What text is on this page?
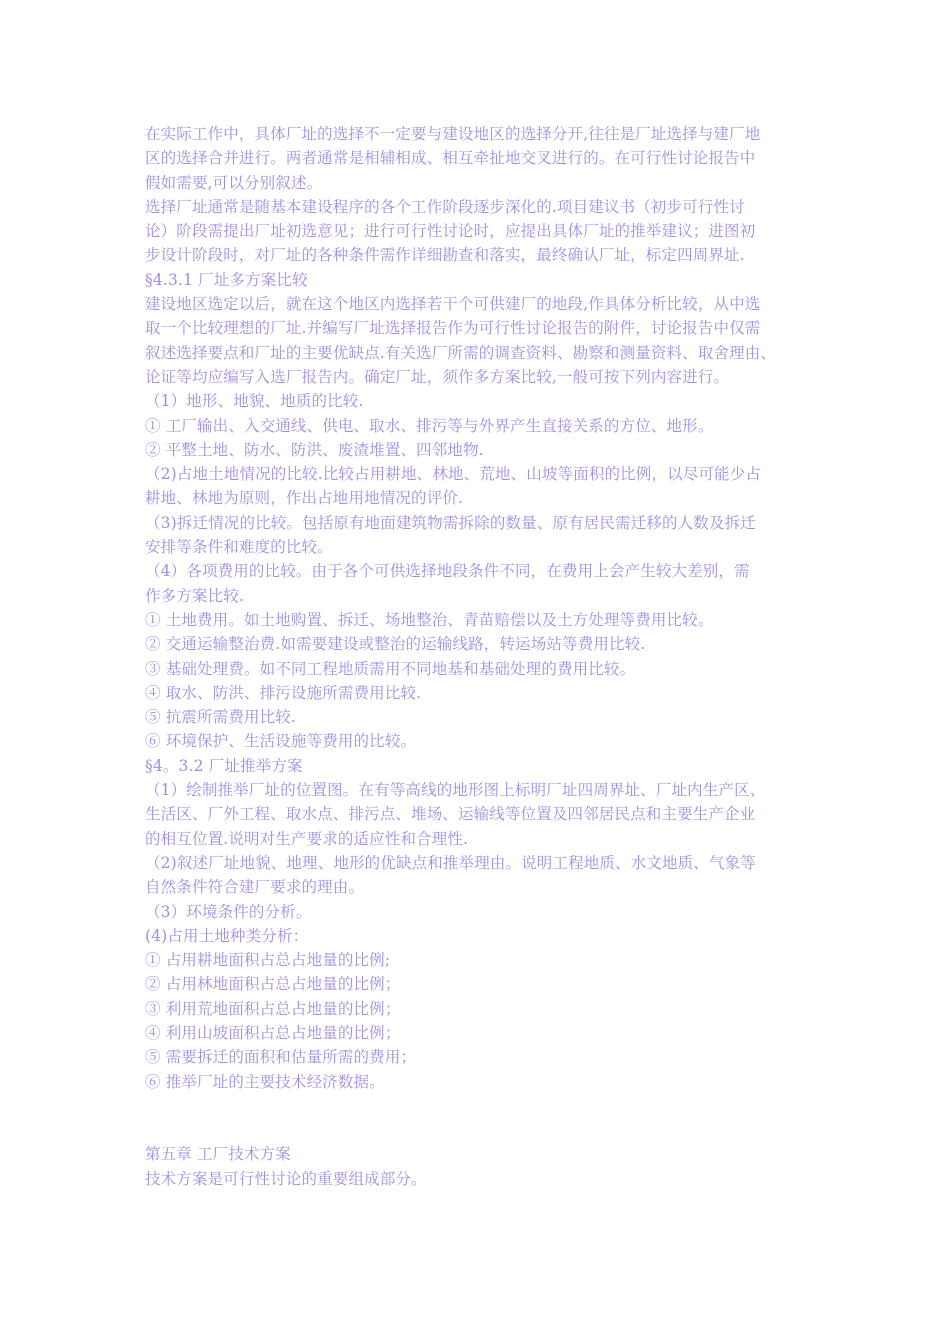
在实际工作中，具体厂址的选择不一定要与建设地区的选择分开,往往是厂址选择与建厂地
区的选择合并进行。两者通常是相辅相成、相互牵扯地交叉进行的。在可行性讨论报告中
假如需要,可以分别叙述。
选择厂址通常是随基本建设程序的各个工作阶段逐步深化的.项目建议书（初步可行性讨
论）阶段需提出厂址初选意见；进行可行性讨论时，应提出具体厂址的推举建议；进图初
步设计阶段时，对厂址的各种条件需作详细勘查和落实，最终确认厂址，标定四周界址.
§4.3.1 厂址多方案比较
建设地区选定以后，就在这个地区内选择若干个可供建厂的地段,作具体分析比较，从中选
取一个比较理想的厂址.并编写厂址选择报告作为可行性讨论报告的附件，讨论报告中仅需
叙述选择要点和厂址的主要优缺点.有关选厂所需的调查资料、勘察和测量资料、取舍理由、
论证等均应编写入选厂报告内。确定厂址，须作多方案比较,一般可按下列内容进行。
（1）地形、地貌、地质的比较.
① 工厂输出、入交通线、供电、取水、排污等与外界产生直接关系的方位、地形。
② 平整土地、防水、防洪、废渣堆置、四邻地物.
（2)占地土地情况的比较.比较占用耕地、林地、荒地、山坡等面积的比例，以尽可能少占
耕地、林地为原则，作出占地用地情况的评价.
（3)拆迁情况的比较。包括原有地面建筑物需拆除的数量、原有居民需迁移的人数及拆迁
安排等条件和难度的比较。
（4）各项费用的比较。由于各个可供选择地段条件不同，在费用上会产生较大差别，需
作多方案比较.
① 土地费用。如土地购置、拆迁、场地整治、青苗赔偿以及土方处理等费用比较。
② 交通运输整治费.如需要建设或整治的运输线路，转运场站等费用比较.
③ 基础处理费。如不同工程地质需用不同地基和基础处理的费用比较。
④ 取水、防洪、排污设施所需费用比较.
⑤ 抗震所需费用比较.
⑥ 环境保护、生活设施等费用的比较。
§4。3.2 厂址推举方案
（1）绘制推举厂址的位置图。在有等高线的地形图上标明厂址四周界址、厂址内生产区、
生活区、厂外工程、取水点、排污点、堆场、运输线等位置及四邻居民点和主要生产企业
的相互位置.说明对生产要求的适应性和合理性.
（2)叙述厂址地貌、地理、地形的优缺点和推举理由。说明工程地质、水文地质、气象等
自然条件符合建厂要求的理由。
（3）环境条件的分析。
(4)占用土地种类分析：
① 占用耕地面积占总占地量的比例;
② 占用林地面积占总占地量的比例；
③ 利用荒地面积占总占地量的比例；
④ 利用山坡面积占总占地量的比例；
⑤ 需要拆迁的面积和估量所需的费用；
⑥ 推举厂址的主要技术经济数据。
第五章 工厂技术方案
技术方案是可行性讨论的重要组成部分。
